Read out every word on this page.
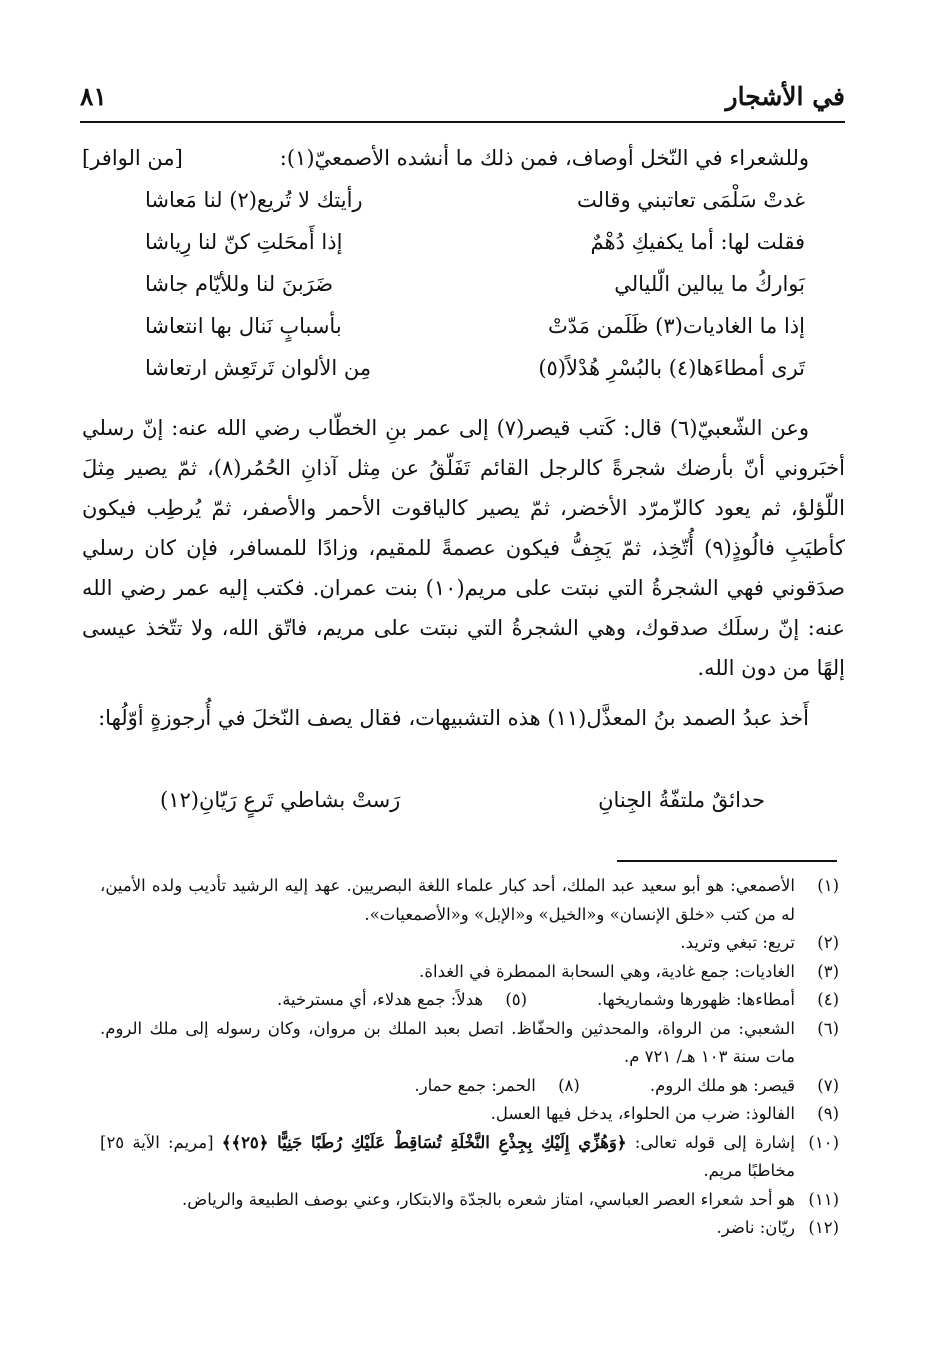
في الأشجار
٨١
وللشعراء في النّخل أوصاف، فمن ذلك ما أنشده الأصمعيّ(١):
[من الوافر]
غدتْ سَلْمَى تعاتبني وقالت
رأيتك لا تُريع(٢) لنا مَعاشا
فقلت لها: أما يكفيكِ دُهْمٌ
إذا أَمحَلتِ كنّ لنا رِياشا
بَواركُ ما يبالين الّليالي
ضَرَبنَ لنا وللأيّام جاشا
إذا ما الغاديات(٣) ظَلَمن مَدّتْ
بأسبابٍ نَنال بها انتعاشا
تَرى أمطاءَها(٤) بالبُسْرِ هُدْلاً(٥)
مِن الألوان تَرتَعِش ارتعاشا
وعن الشّعبيّ(٦) قال: كَتب قيصر(٧) إلى عمر بنِ الخطّاب رضي الله عنه: إنّ رسلي أخبَروني أنّ بأرضك شجرةً كالرجل القائم تَفَلّقُ عن مِثل آذانِ الحُمُر(٨)، ثمّ يصير مِثلَ اللّؤلؤ، ثم يعود كالزّمرّد الأخضر، ثمّ يصير كالياقوت الأحمر والأصفر، ثمّ يُرطِب فيكون كأطيَبِ فالُوذٍ(٩) أُتّخِذ، ثمّ يَجِفُّ فيكون عصمةً للمقيم، وزادًا للمسافر، فإن كان رسلي صدَقوني فهي الشجرةُ التي نبتت على مريم(١٠) بنت عمران. فكتب إليه عمر رضي الله عنه: إنّ رسلَك صدقوك، وهي الشجرةُ التي نبتت على مريم، فاتّق الله، ولا تتّخذ عيسى إلهًا من دون الله.
أَخذ عبدُ الصمد بنُ المعذَّل(١١) هذه التشبيهات، فقال يصف النّخلَ في أُرجوزةٍ أوّلُها:
حدائقٌ ملتفّةُ الجِنانِ
رَستْ بشاطي تَرعٍ رَيّانِ(١٢)
(١)
الأصمعي: هو أبو سعيد عبد الملك، أحد كبار علماء اللغة البصريين. عهد إليه الرشيد تأديب ولده الأمين، له من كتب «خلق الإنسان» و«الخيل» و«الإبل» و«الأصمعيات».
(٢)
تريع: تبغي وتريد.
(٣)
الغاديات: جمع غادية، وهي السحابة الممطرة في الغداة.
(٤)
أمطاءها: ظهورها وشماريخها.
(٥)
هدلاً: جمع هدلاء، أي مسترخية.
(٦)
الشعبي: من الرواة، والمحدثين والحفّاظ. اتصل بعبد الملك بن مروان، وكان رسوله إلى ملك الروم. مات سنة ١٠٣ هـ/ ٧٢١ م.
(٧)
قيصر: هو ملك الروم.
(٨)
الحمر: جمع حمار.
(٩)
الفالوذ: ضرب من الحلواء، يدخل فيها العسل.
(١٠)
إشارة إلى قوله تعالى: ﴿وَهُزِّي إِلَيْكِ بِجِذْعِ النَّخْلَةِ تُسَاقِطْ عَلَيْكِ رُطَبًا جَنِيًّا ﴿٢٥﴾﴾ [مريم: الآية ٢٥] مخاطبًا مريم.
(١١)
هو أحد شعراء العصر العباسي، امتاز شعره بالجدّة والابتكار، وعني بوصف الطبيعة والرياض.
(١٢)
ريّان: ناضر.
